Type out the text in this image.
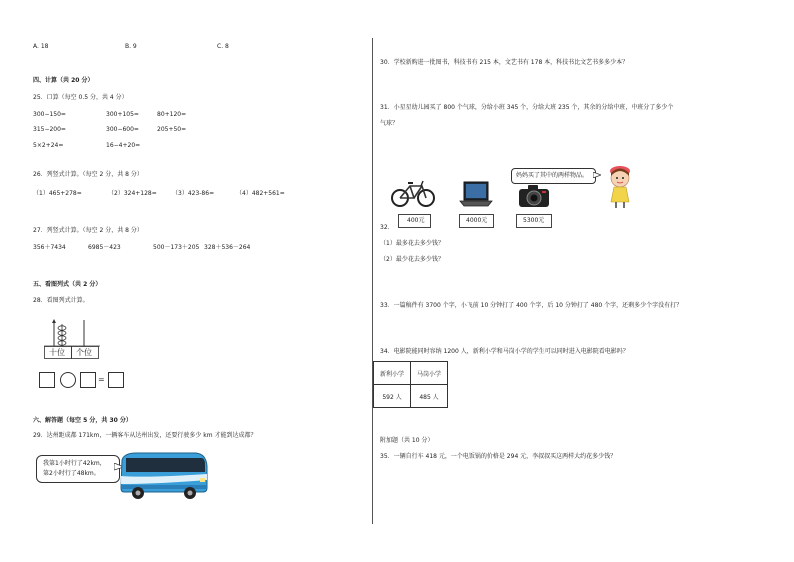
A. 18	B. 9	C. 8
四、计算（共 20 分）
25．口算（每空 0.5 分，共 4 分）
300−150=	300+105=	80+120=
315−200=	300−600=	205+50=
5×2+24=	16−4+20=
26．列竖式计算。（每空 2 分，共 8 分）
（1）465+278=	（2）324+128=	（3）423-86=	（4）482+561=
27．列竖式计算。（每空 2 分，共 8 分）
356＋7434	6985－423	500－173＋205 328＋536－264
五、看图列式（共 2 分）
28．看图列式计算。
十位 个位
=
六、解答题（每空 5 分，共 30 分）
29．达州距成都 171km，一辆客车从达州出发，还要行驶多少 km 才能到达成都？
我第1小时行了42km，
第2小时行了48km。
30．学校新购进一批图书，科技书有 215 本，文艺书有 178 本，科技书比文艺书多多少本？
31．小星星幼儿园买了 800 个气球，分给小班 345 个，分给大班 235 个，其余的分给中班，中班分了多少个
气球？
400元	4000元	5300元
妈妈买了其中的两样物品。
32．
（1）最多花去多少钱？
（2）最少花去多少钱？
33．一篇稿件有 3700 个字，小飞前 10 分钟打了 400 个字，后 10 分钟打了 480 个字，还剩多少个字没有打？
34．电影院能同时容纳 1200 人，新利小学和马岗小学的学生可以同时进入电影院看电影吗？
新利小学	马岗小学
592 人	485 人
附加题（共 10 分）
35．一辆自行车 418 元，一个电饭锅的价格是 294 元，李叔叔买这两样大约花多少钱？
